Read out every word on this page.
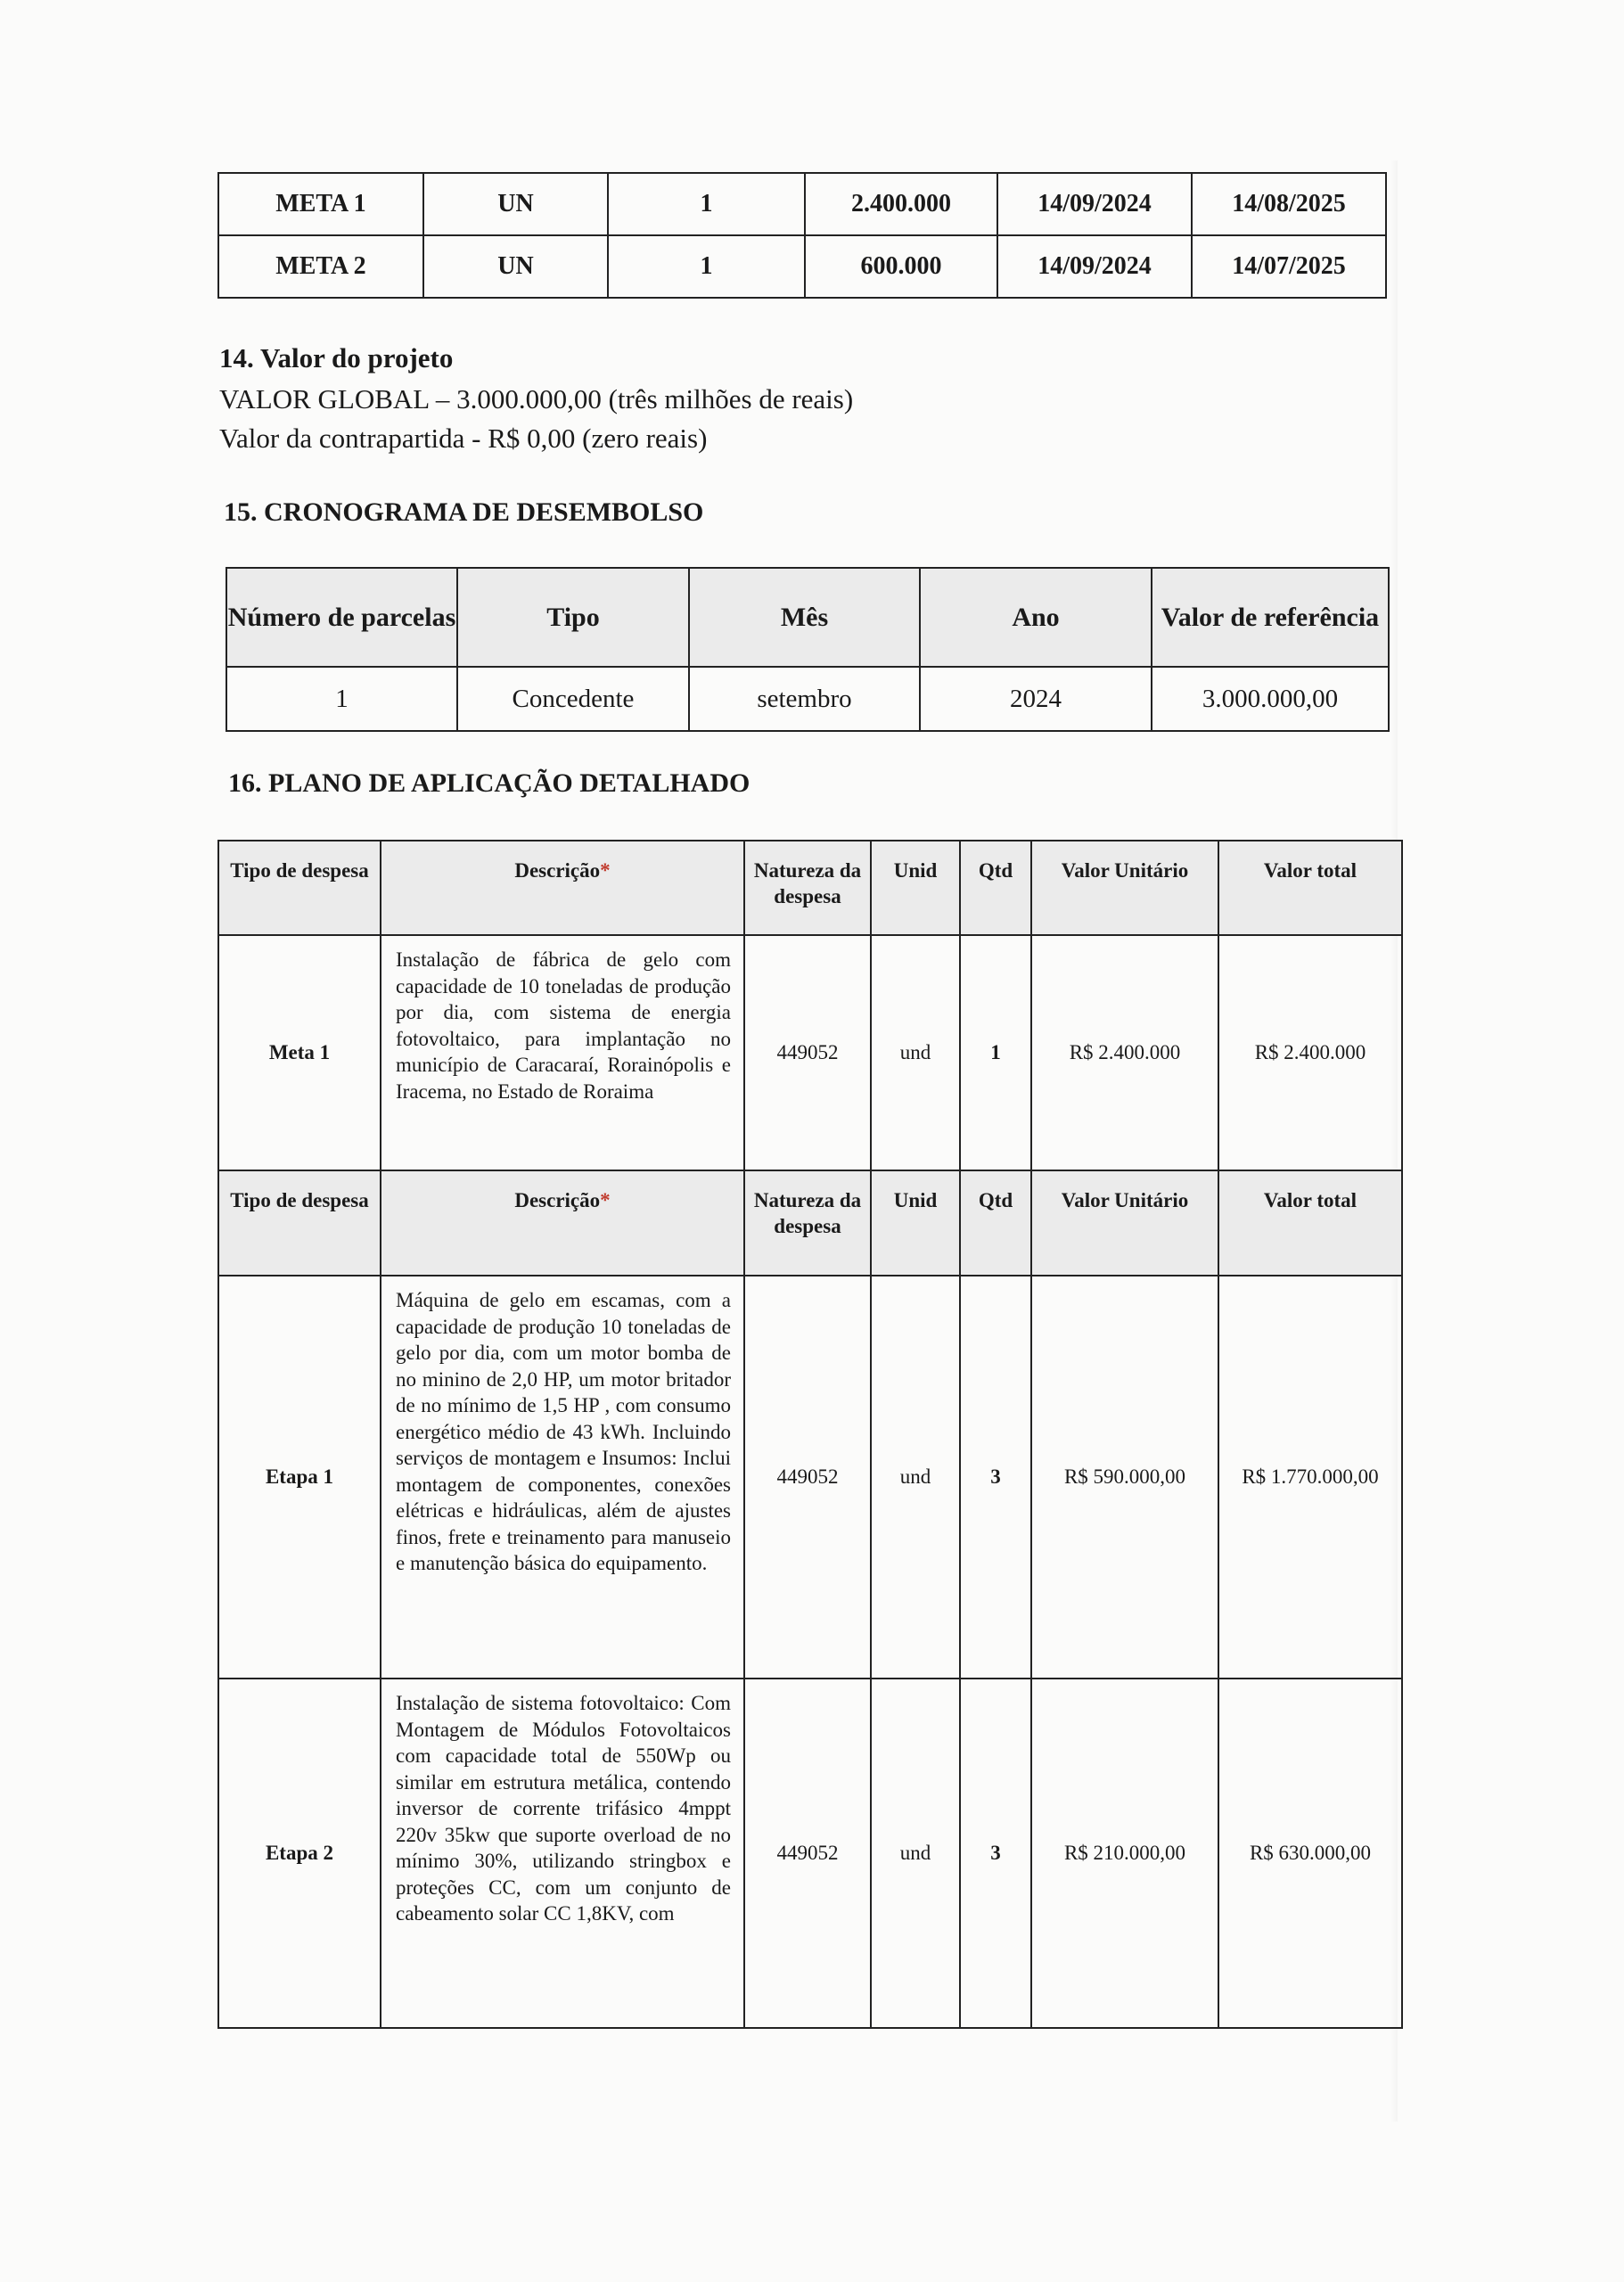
META 1	UN	1	2.400.000	14/09/2024	14/08/2025
META 2	UN	1	600.000	14/09/2024	14/07/2025
14. Valor do projeto

VALOR GLOBAL – 3.000.000,00 (três milhões de reais)

Valor da contrapartida - R$ 0,00 (zero reais)

15. CRONOGRAMA DE DESEMBOLSO
Número de parcelas	Tipo	Mês	Ano	Valor de referência
1	Concedente	setembro	2024	3.000.000,00
16. PLANO DE APLICAÇÃO DETALHADO
Tipo de despesa	Descrição*	Natureza da despesa	Unid	Qtd	Valor Unitário	Valor total
Meta 1	Instalação de fábrica de gelo com capacidade de 10 toneladas de produção por dia, com sistema de energia fotovoltaico, para implantação no município de Caracaraí, Rorainópolis e Iracema, no Estado de Roraima	449052	und	1	R$ 2.400.000	R$ 2.400.000
Tipo de despesa	Descrição*	Natureza da despesa	Unid	Qtd	Valor Unitário	Valor total
Etapa 1	Máquina de gelo em escamas, com a capacidade de produção 10 toneladas de gelo por dia, com um motor bomba de no minino de 2,0 HP, um motor britador de no mínimo de 1,5 HP , com consumo energético médio de 43 kWh. Incluindo serviços de montagem e Insumos: Inclui montagem de componentes, conexões elétricas e hidráulicas, além de ajustes finos, frete e treinamento para manuseio e manutenção básica do equipamento.	449052	und	3	R$ 590.000,00	R$ 1.770.000,00
Etapa 2	Instalação de sistema fotovoltaico: Com Montagem de Módulos Fotovoltaicos com capacidade total de 550Wp ou similar em estrutura metálica, contendo inversor de corrente trifásico 4mppt 220v 35kw que suporte overload de no mínimo 30%, utilizando stringbox e proteções CC, com um conjunto de cabeamento solar CC 1,8KV, com	449052	und	3	R$ 210.000,00	R$ 630.000,00
